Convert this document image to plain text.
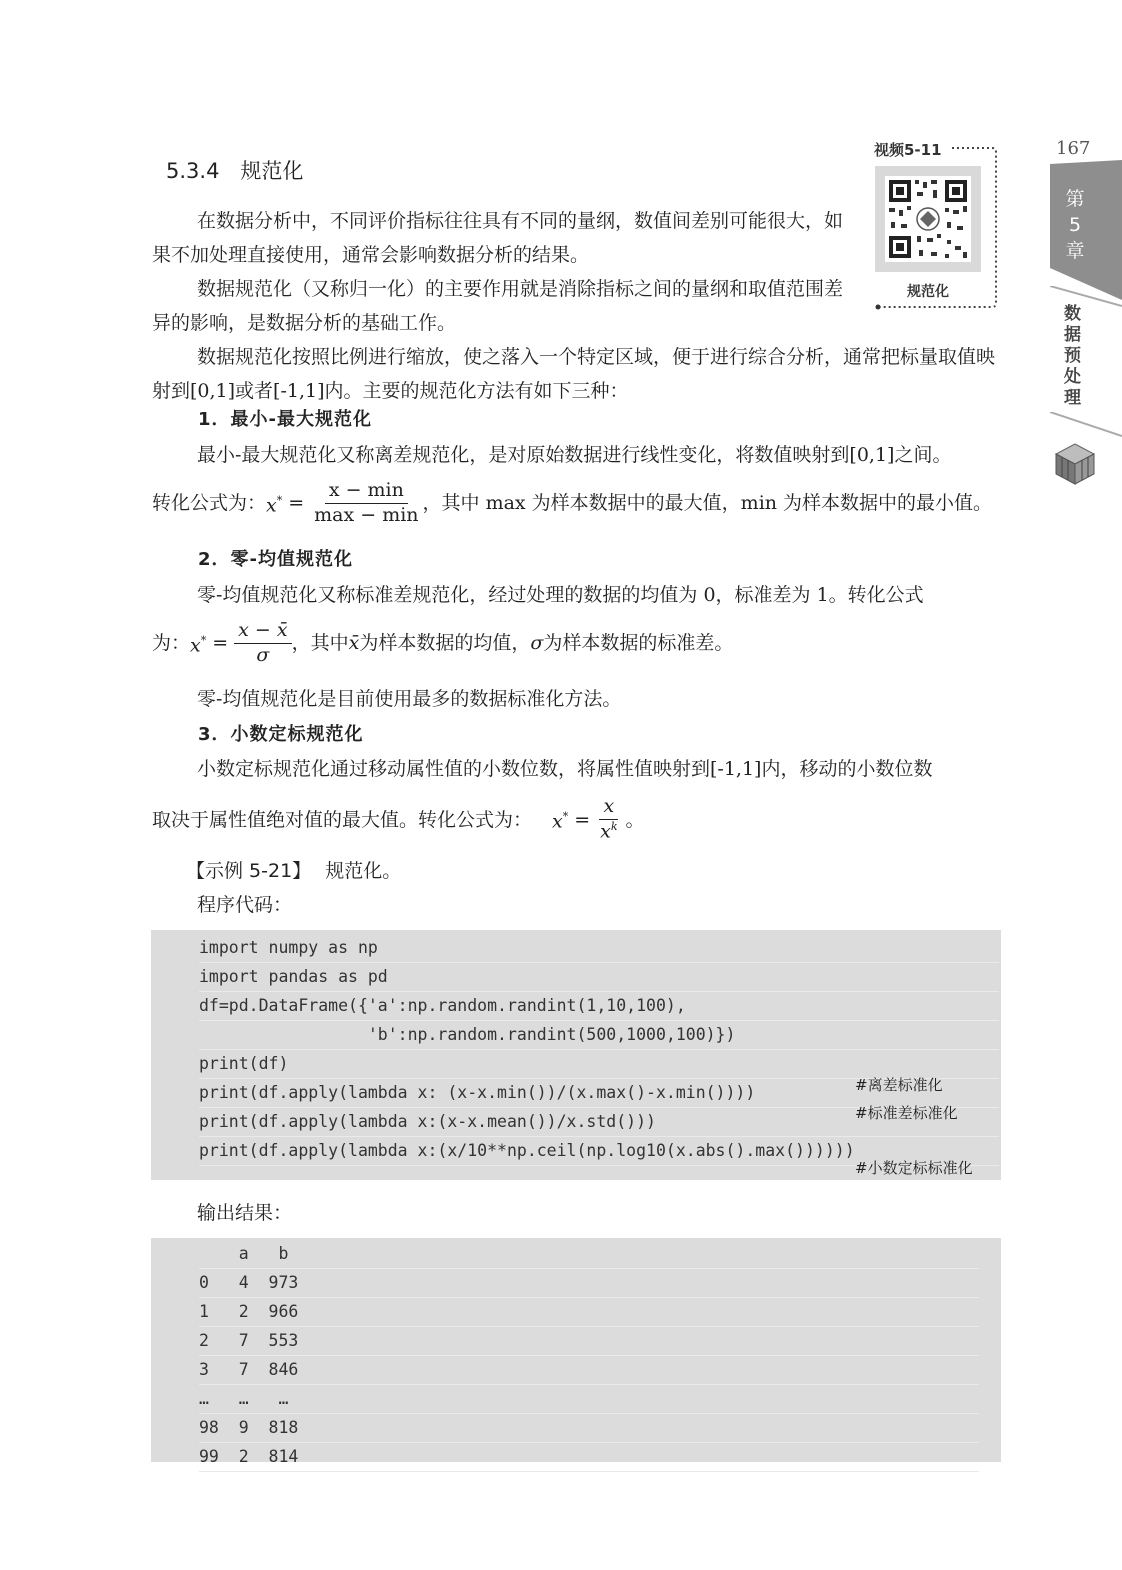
167
第
5
章
数据预处理
视频5-11
规范化
5.3.4　规范化

在数据分析中，不同评价指标往往具有不同的量纲，数值间差别可能很大，如果不加处理直接使用，通常会影响数据分析的结果。

数据规范化（又称归一化）的主要作用就是消除指标之间的量纲和取值范围差异的影响，是数据分析的基础工作。

数据规范化按照比例进行缩放，使之落入一个特定区域，便于进行综合分析，通常把标量取值映射到[0,1]或者[-1,1]内。主要的规范化方法有如下三种：

1．最小-最大规范化
最小-最大规范化又称离差规范化，是对原始数据进行线性变化，将数值映射到[0,1]之间。
转化公式为： $x^* = \frac{x - \min}{\max - \min}$ ，其中 max 为样本数据中的最大值，min 为样本数据中的最小值。
2．零-均值规范化
零-均值规范化又称标准差规范化，经过处理的数据的均值为 0，标准差为 1。转化公式
为： $x^* = \frac{x - x̄}{\sigma}$ ，其中 x̄ 为样本数据的均值， σ 为样本数据的标准差。
零-均值规范化是目前使用最多的数据标准化方法。
3．小数定标规范化
小数定标规范化通过移动属性值的小数位数，将属性值映射到[-1,1]内，移动的小数位数
取决于属性值绝对值的最大值。转化公式为： $x^* = \frac{x}{x^k}$ 。
【示例 5-21】 规范化。
程序代码：
import numpy as np
import pandas as pd
df=pd.DataFrame({'a':np.random.randint(1,10,100),
'b':np.random.randint(500,1000,100)})
print(df)
print(df.apply(lambda x: (x-x.min())/(x.max()-x.min())))
print(df.apply(lambda x:(x-x.mean())/x.std()))
print(df.apply(lambda x:(x/10**np.ceil(np.log10(x.abs().max())))))
#离差标准化
#标准差标准化
#小数定标标准化
输出结果：
a   b
0   4  973
1   2  966
2   7  553
3   7  846
…   …   …
98  9  818
99  2  814
